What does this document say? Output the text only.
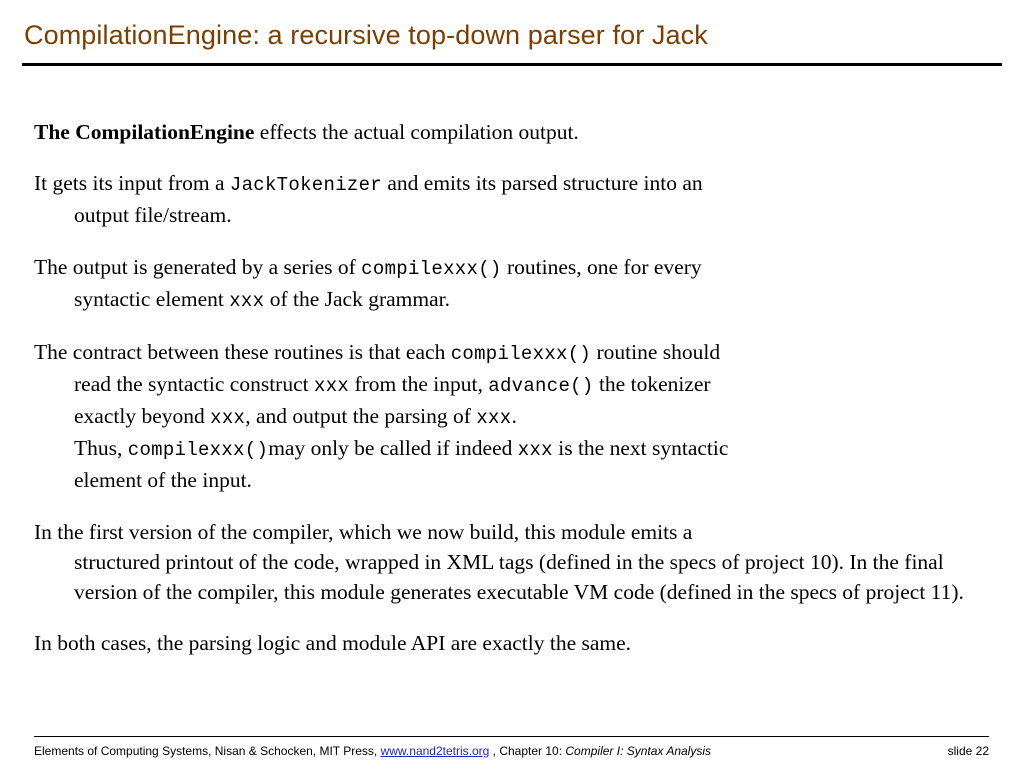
CompilationEngine: a recursive top-down parser for Jack

The CompilationEngine effects the actual compilation output.

It gets its input from a JackTokenizer and emits its parsed structure into an
output file/stream.

The output is generated by a series of compilexxx() routines, one for every
syntactic element xxx of the Jack grammar.

The contract between these routines is that each compilexxx() routine should
read the syntactic construct xxx from the input, advance() the tokenizer
exactly beyond xxx, and output the parsing of xxx.
Thus, compilexxx()may only be called if indeed xxx is the next syntactic
element of the input.

In the first version of the compiler, which we now build, this module emits a
structured printout of the code, wrapped in XML tags (defined in the specs of project 10). In the final version of the compiler, this module generates executable VM code (defined in the specs of project 11).

In both cases, the parsing logic and module API are exactly the same.

Elements of Computing Systems, Nisan & Schocken, MIT Press, www.nand2tetris.org , Chapter 10: Compiler I: Syntax Analysis	slide 22
